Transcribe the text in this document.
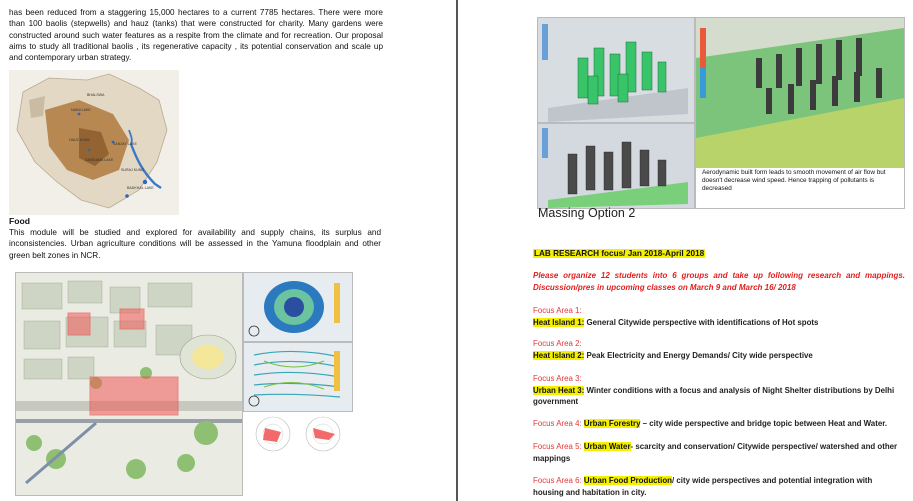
has been reduced from a staggering 15,000 hectares to a current 7785 hectares. There were more than 100 baolis (stepwells) and hauz (tanks) that were constructed for charity. Many gardens were constructed around such water features as a respite from the climate and for recreation. Our proposal aims to study all traditional baolis , its regenerative capacity , its potential conservation and scale up and contemporary urban strategy.
BHALSWA
NAINI LAKE
HAUZ KHAS
SANJAY LAKE
SURAJ KUND
BADKHAL LAKE
DAMDAMA LAKE
Food
This module will be studied and explored for availability and supply chains, its surplus and inconsistencies. Urban agriculture conditions will be assessed in the Yamuna floodplain and other green belt zones in NCR.
Aerodynamic built form leads to smooth movement of air flow but doesn't decrease wind speed. Hence trapping of pollutants is decreased
Massing Option 2
LAB RESEARCH focus/ Jan 2018-April 2018
Please organize 12 students into 6 groups and take up following research and mappings. Discussion/pres in upcoming classes on March 9 and March 16/ 2018
Focus Area 1:
Heat Island 1: General Citywide perspective with identifications of Hot spots
Focus Area 2:
Heat Island 2: Peak Electricity and Energy Demands/ City wide perspective
Focus Area 3:
Urban Heat 3: Winter conditions with a focus and analysis of Night Shelter distributions by Delhi government
Focus Area 4: Urban Forestry – city wide perspective and bridge topic between Heat and Water.
Focus Area 5: Urban Water- scarcity and conservation/ Citywide perspective/ watershed and other mappings
Focus Area 6: Urban Food Production/ city wide perspectives and potential integration with housing and habitation in city.
